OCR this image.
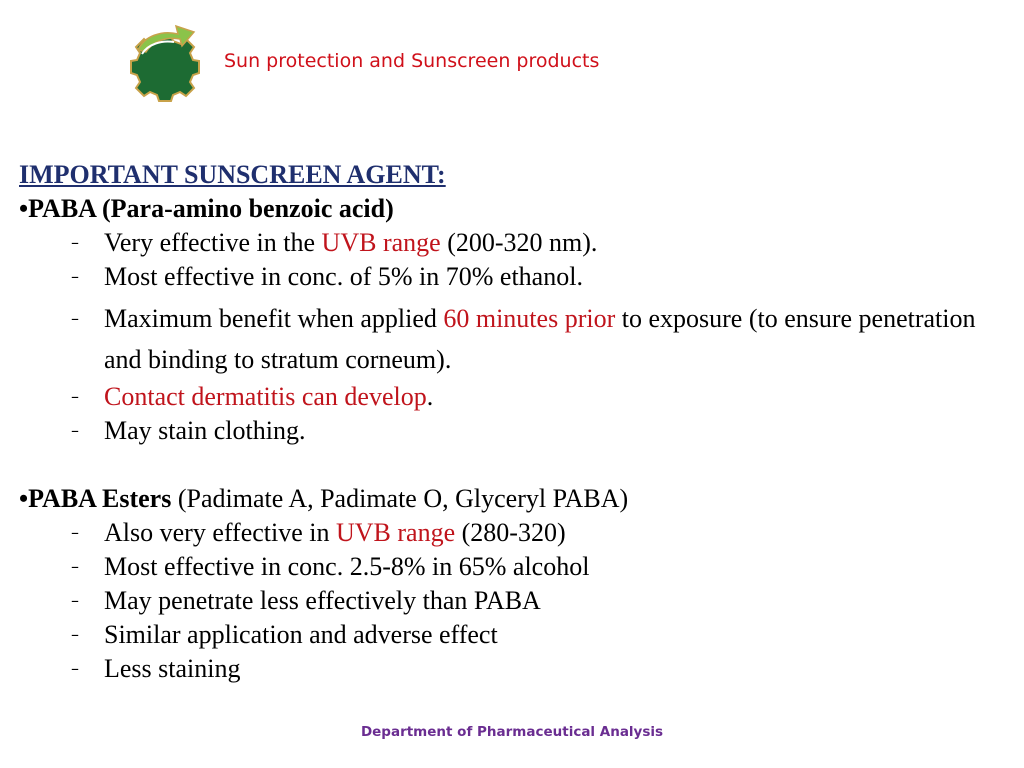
Sun protection and Sunscreen products
IMPORTANT SUNSCREEN AGENT:
•PABA (Para-amino benzoic acid)
– Very effective in the UVB range (200-320 nm).
– Most effective in conc. of 5% in 70% ethanol.
– Maximum benefit when applied 60 minutes prior to exposure (to ensure penetration and binding to stratum corneum).
– Contact dermatitis can develop.
– May stain clothing.
•PABA Esters (Padimate A, Padimate O, Glyceryl PABA)
– Also very effective in UVB range (280-320)
– Most effective in conc. 2.5-8% in 65% alcohol
– May penetrate less effectively than PABA
– Similar application and adverse effect
– Less staining
Department of Pharmaceutical Analysis
